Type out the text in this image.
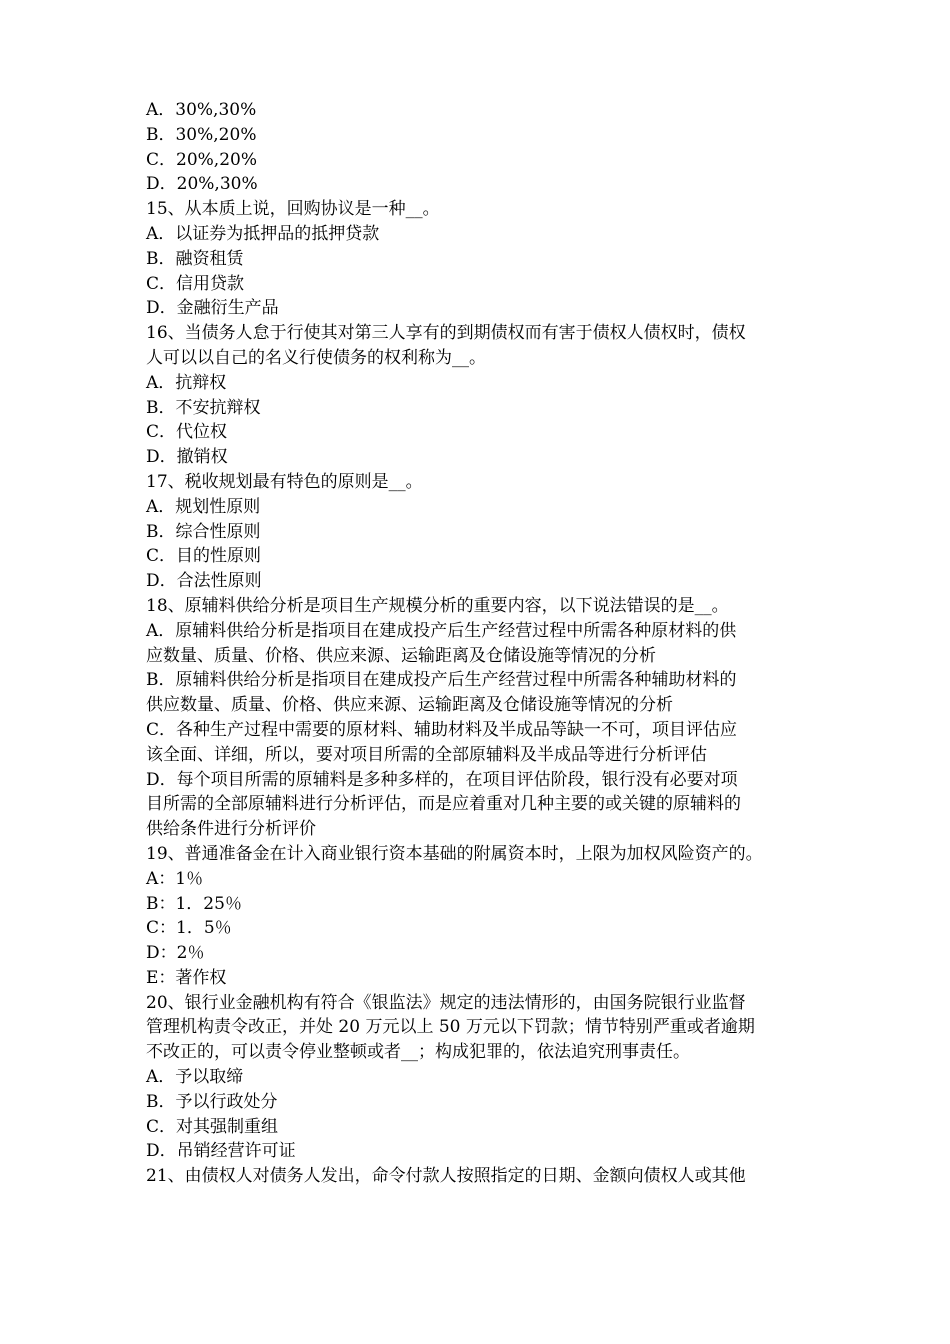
A．30%,30%
B．30%,20%
C．20%,20%
D．20%,30%
15、从本质上说，回购协议是一种__。
A．以证券为抵押品的抵押贷款
B．融资租赁
C．信用贷款
D．金融衍生产品
16、当债务人怠于行使其对第三人享有的到期债权而有害于债权人债权时，债权
人可以以自己的名义行使债务的权利称为__。
A．抗辩权
B．不安抗辩权
C．代位权
D．撤销权
17、税收规划最有特色的原则是__。
A．规划性原则
B．综合性原则
C．目的性原则
D．合法性原则
18、原辅料供给分析是项目生产规模分析的重要内容，以下说法错误的是__。
A．原辅料供给分析是指项目在建成投产后生产经营过程中所需各种原材料的供
应数量、质量、价格、供应来源、运输距离及仓储设施等情况的分析
B．原辅料供给分析是指项目在建成投产后生产经营过程中所需各种辅助材料的
供应数量、质量、价格、供应来源、运输距离及仓储设施等情况的分析
C．各种生产过程中需要的原材料、辅助材料及半成品等缺一不可，项目评估应
该全面、详细，所以，要对项目所需的全部原辅料及半成品等进行分析评估
D．每个项目所需的原辅料是多种多样的，在项目评估阶段，银行没有必要对项
目所需的全部原辅料进行分析评估，而是应着重对几种主要的或关键的原辅料的
供给条件进行分析评价
19、普通准备金在计入商业银行资本基础的附属资本时，上限为加权风险资产的。
A：1％
B：1．25％
C：1．5％
D：2％
E：著作权
20、银行业金融机构有符合《银监法》规定的违法情形的，由国务院银行业监督
管理机构责令改正，并处 20 万元以上 50 万元以下罚款；情节特别严重或者逾期
不改正的，可以责令停业整顿或者__；构成犯罪的，依法追究刑事责任。
A．予以取缔
B．予以行政处分
C．对其强制重组
D．吊销经营许可证
21、由债权人对债务人发出，命令付款人按照指定的日期、金额向债权人或其他
